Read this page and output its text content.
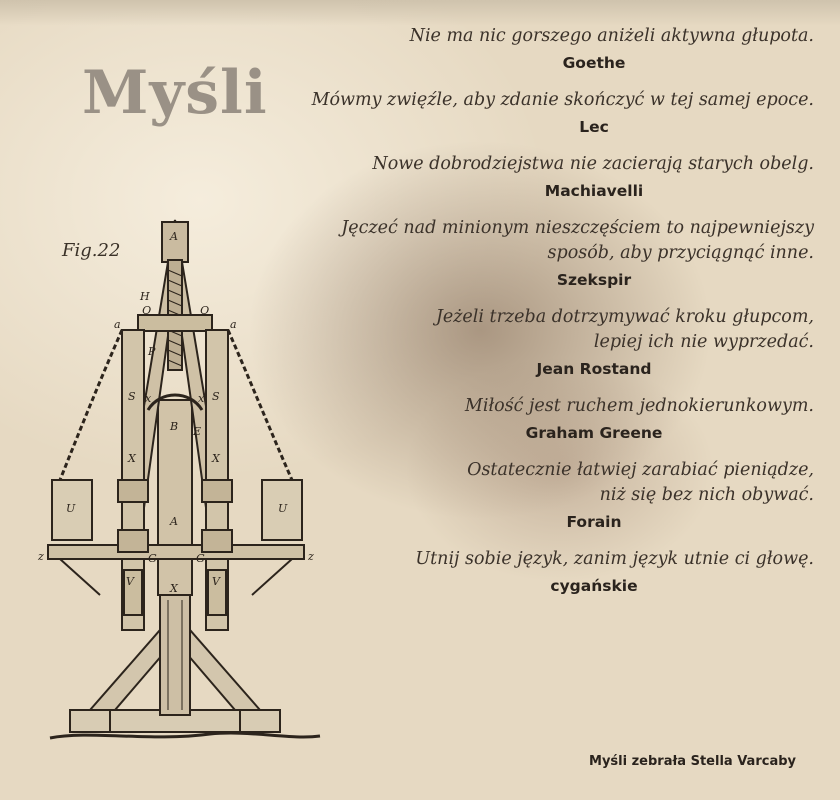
Myśli
Fig.22
A
H
Q	Q
P
a	a
S	S
x	x
B E
X	X
U	U
A
z	z
G	G
V	V
X
Nie ma nic gorszego aniżeli aktywna głupota.
Goethe
Mówmy zwięźle, aby zdanie skończyć w tej samej epoce.
Lec
Nowe dobrodziejstwa nie zacierają starych obelg.
Machiavelli
Jęczeć nad minionym nieszczęściem to najpewniejszy
sposób, aby przyciągnąć inne.
Szekspir
Jeżeli trzeba dotrzymywać kroku głupcom,
lepiej ich nie wyprzedać.
Jean Rostand
Miłość jest ruchem jednokierunkowym.
Graham Greene
Ostatecznie łatwiej zarabiać pieniądze,
niż się bez nich obywać.
Forain
Utnij sobie język, zanim język utnie ci głowę.
cygańskie
Myśli zebrała Stella Varcaby
